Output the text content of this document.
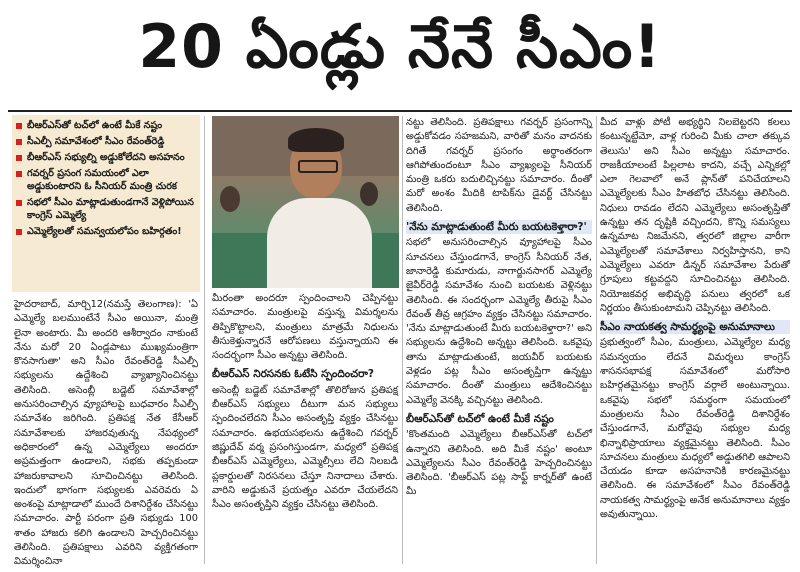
20 ఏండ్లు నేనే సీఎం!
బీఆర్ఎస్‌తో టచ్‌లో ఉంటే మీకే నష్టం
సీఎల్పీ సమావేశంలో సీఎం రేవంత్‌రెడ్డి
బీఆర్ఎస్ సభ్యుల్ని అడ్డుకోలేదని అసహనం
గవర్నర్ ప్రసంగ సమయంలో ఎలా అడ్డుకుంటారని ఓ సీనియర్ మంత్రి చురక
సభలో సీఎం మాట్లాడుతుండగానే వెళ్లిపోయిన కాంగ్రెస్ ఎమ్మెల్యే
ఎమ్మెల్యేలతో సమన్వయలోపం బహిర్గతం!

హైదరాబాద్, మార్చి12(నమస్తే తెలంగాణ): 'ఏ ఎమ్మెల్యే బలముంటేనే సీఎం అయినా, మంత్రి లైనా అంటారు. మీ అందరి ఆశీర్వాదం నాకుంటే నేను మరో 20 ఏండ్లపాటు ముఖ్యమంత్రిగా కొనసాగుతా' అని సీఎం రేవంత్‌రెడ్డి సీఎల్పీ సభ్యులను ఉద్దేశించి వ్యాఖ్యానించినట్టు తెలిసింది. అసెంబ్లీ బడ్జెట్ సమావేశాల్లో అనుసరించాల్సిన వ్యూహాలపై బుధవారం సీఎల్పీ సమావేశం జరిగింది. ప్రతిపక్ష నేత కేసీఆర్ సమావేశాలకు హాజరవుతున్న నేపథ్యంలో అధికారంలో ఉన్న ఎమ్మెల్యేలు అందరూ అప్రమత్తంగా ఉండాలని, సభకు తప్పకుండా హాజరుకావాలని సూచించినట్టు తెలిసింది. ఇందులో భాగంగా సభ్యులకు ఎవరెవరు ఏ అంశంపై మాట్లాడాలో ముందే దిశానిర్దేశం చేసినట్టు సమాచారం. పార్టీ పరంగా ప్రతి సభ్యుడు 100 శాతం హాజరు కలిగి ఉండాలని హెచ్చరించినట్టు తెలిసింది. ప్రతిపక్షాలు ఎవరిని వ్యక్తిగతంగా విమర్శించినా

మీరంతా అందరూ స్పందించాలని చెప్పినట్టు సమాచారం. మంత్రులపై వస్తున్న విమర్శలను తిప్పికొట్టాలని, మంత్రులు మాత్రమే నిధులను తీసుకెళ్తున్నారనే ఆరోపణలు వస్తున్నాయని ఈ సందర్భంగా సీఎం అన్నట్టు తెలిసింది.

బీఆర్ఎస్ నిరసనకు ఓటేసి స్పందించరా?

అసెంబ్లీ బడ్జెట్ సమావేశాల్లో తొలిరోజున ప్రతిపక్ష బీఆర్ఎస్ సభ్యులు దీటుగా మన సభ్యులు స్పందించలేదని సీఎం అసంతృప్తి వ్యక్తం చేసినట్టు సమాచారం. ఉభయసభలను ఉద్దేశించి గవర్నర్ జిష్ణుదేవ్ వర్మ ప్రసంగిస్తుండగా, మధ్యలో ప్రతిపక్ష బీఆర్ఎస్ ఎమ్మెల్యేలు, ఎమ్మెల్సీలు లేచి నిలబడి ప్లకార్డులతో నిరసనలు చేస్తూ నినాదాలు చేశారు. వారిని అడ్డుకునే ప్రయత్నం ఎవరూ చేయలేదని సీఎం అసంతృప్తిని వ్యక్తం చేసినట్టు తెలిసింది.

నట్టు తెలిసింది. ప్రతిపక్షాలు గవర్నర్ ప్రసంగాన్ని అడ్డుకోవడం సహజమని, వారితో మనం వాదనకు దిగితే గవర్నర్ ప్రసంగం అర్థాంతరంగా ఆగిపోతుందంటూ సీఎం వ్యాఖ్యలపై సీనియర్ మంత్రి ఒకరు బదులిచ్చినట్టు సమాచారం. దీంతో మరో అంశం మీదికి టాపిక్‌ను డైవర్ట్ చేసినట్టు తెలిసింది.

'నేను మాట్లాడుతుంటే మీరు బయటకెళ్తారా?'

సభలో అనుసరించాల్సిన వ్యూహాలపై సీఎం సూచనలు చేస్తుండగానే, కాంగ్రెస్ సీనియర్ నేత, జానారెడ్డి కుమారుడు, నాగార్జునసాగర్ ఎమ్మెల్యే జైవీర్‌రెడ్డి సమావేశం నుంచి బయటకు వెళ్లినట్టు తెలిసింది. ఈ సందర్భంగా ఎమ్మెల్యే తీరుపై సీఎం రేవంత్ తీవ్ర ఆగ్రహం వ్యక్తం చేసినట్టు సమాచారం. 'నేను మాట్లాడుతుంటే మీరు బయటకెళ్తారా?' అని సభ్యులను ఉద్దేశించి అన్నట్టు తెలిసింది. ఒకవైపు తాను మాట్లాడుతుంటే, జయవీర్ బయటకు వెళ్లడం పట్ల సీఎం అసంతృప్తిగా ఉన్నట్టు సమాచారం. దీంతో మంత్రులు ఆదేశించినట్టు ఎమ్మెల్యే వెనక్కి వచ్చినట్టు తెలిసింది.

బీఆర్ఎస్‌తో టచ్‌లో ఉంటే మీకే నష్టం

'కొంతమంది ఎమ్మెల్యేలు బీఆర్ఎస్‌తో టచ్‌లో ఉన్నారని తెలిసింది. అది మీకే నష్టం' అంటూ ఎమ్మెల్యేలను సీఎం రేవంత్‌రెడ్డి హెచ్చరించినట్టు తెలిసింది. 'బీఆర్ఎస్ పట్ల సాఫ్ట్ కార్నర్‌తో ఉంటే మీ

మీద వాళ్లు పోటీ అభ్యర్థిని నిలబెట్టరని కలలు కంటున్నట్టేమో, వాళ్ల గురించి మీకు చాలా తక్కువ తెలుసు' అని సీఎం అన్నట్టు సమాచారం. రాజకీయాలంటే పిల్లలాట కాదని, వచ్చే ఎన్నికల్లో ఎలా గెలవాలో అనే ప్లాన్‌తో పనిచేయాలని ఎమ్మెల్యేలకు సీఎం హితబోధ చేసినట్టు తెలిసింది. నిధులు రావడం లేదని ఎమ్మెల్యేలు అసంతృప్తితో ఉన్నట్టు తన దృష్టికి వచ్చిందని, కొన్ని సమస్యలు ఉన్నమాట నిజమేనని, త్వరలో జిల్లాల వారీగా ఎమ్మెల్యేలతో సమావేశాలు నిర్వహిస్తానని, కాని ఎమ్మెల్యేలు ఎవరూ డిన్నర్ సమావేశాల పేరుతో గ్రూపులు కట్టవద్దని సూచించినట్టు తెలిసింది. నియోజకవర్గ అభివృద్ధి పనులు త్వరలో ఒక నిర్ణయం తీసుకుంటామని చెప్పినట్టు తెలిసింది.

సీఎం నాయకత్వ సామర్థ్యంపై అనుమానాలు

ప్రభుత్వంలో సీఎం, మంత్రులు, ఎమ్మెల్యేల మధ్య సమన్వయం లేదనే విమర్శలు కాంగ్రెస్ శాసనసభాపక్ష సమావేశంలో మరోసారి బహిర్గతమైనట్టు కాంగ్రెస్ వర్గాలే అంటున్నాయి. ఒకవైపు సభలో సమర్థంగా సమయంలో మంత్రులను సీఎం రేవంత్‌రెడ్డి దిశానిర్దేశం చేస్తుండగానే, మరోవైపు సభ్యుల మధ్య భిన్నాభిప్రాయాలు వ్యక్తమైనట్టు తెలిసింది. సీఎం సూచనలు మంత్రులు మధ్యలో అడ్డుతగిలి ఆపాలని చేయడం కూడా అసహనానికి కారణమైనట్టు తెలిసింది. ఈ సమావేశంలో సీఎం రేవంత్‌రెడ్డి నాయకత్వ సామర్థ్యంపై అనేక అనుమానాలు వ్యక్తం అవుతున్నాయి.
